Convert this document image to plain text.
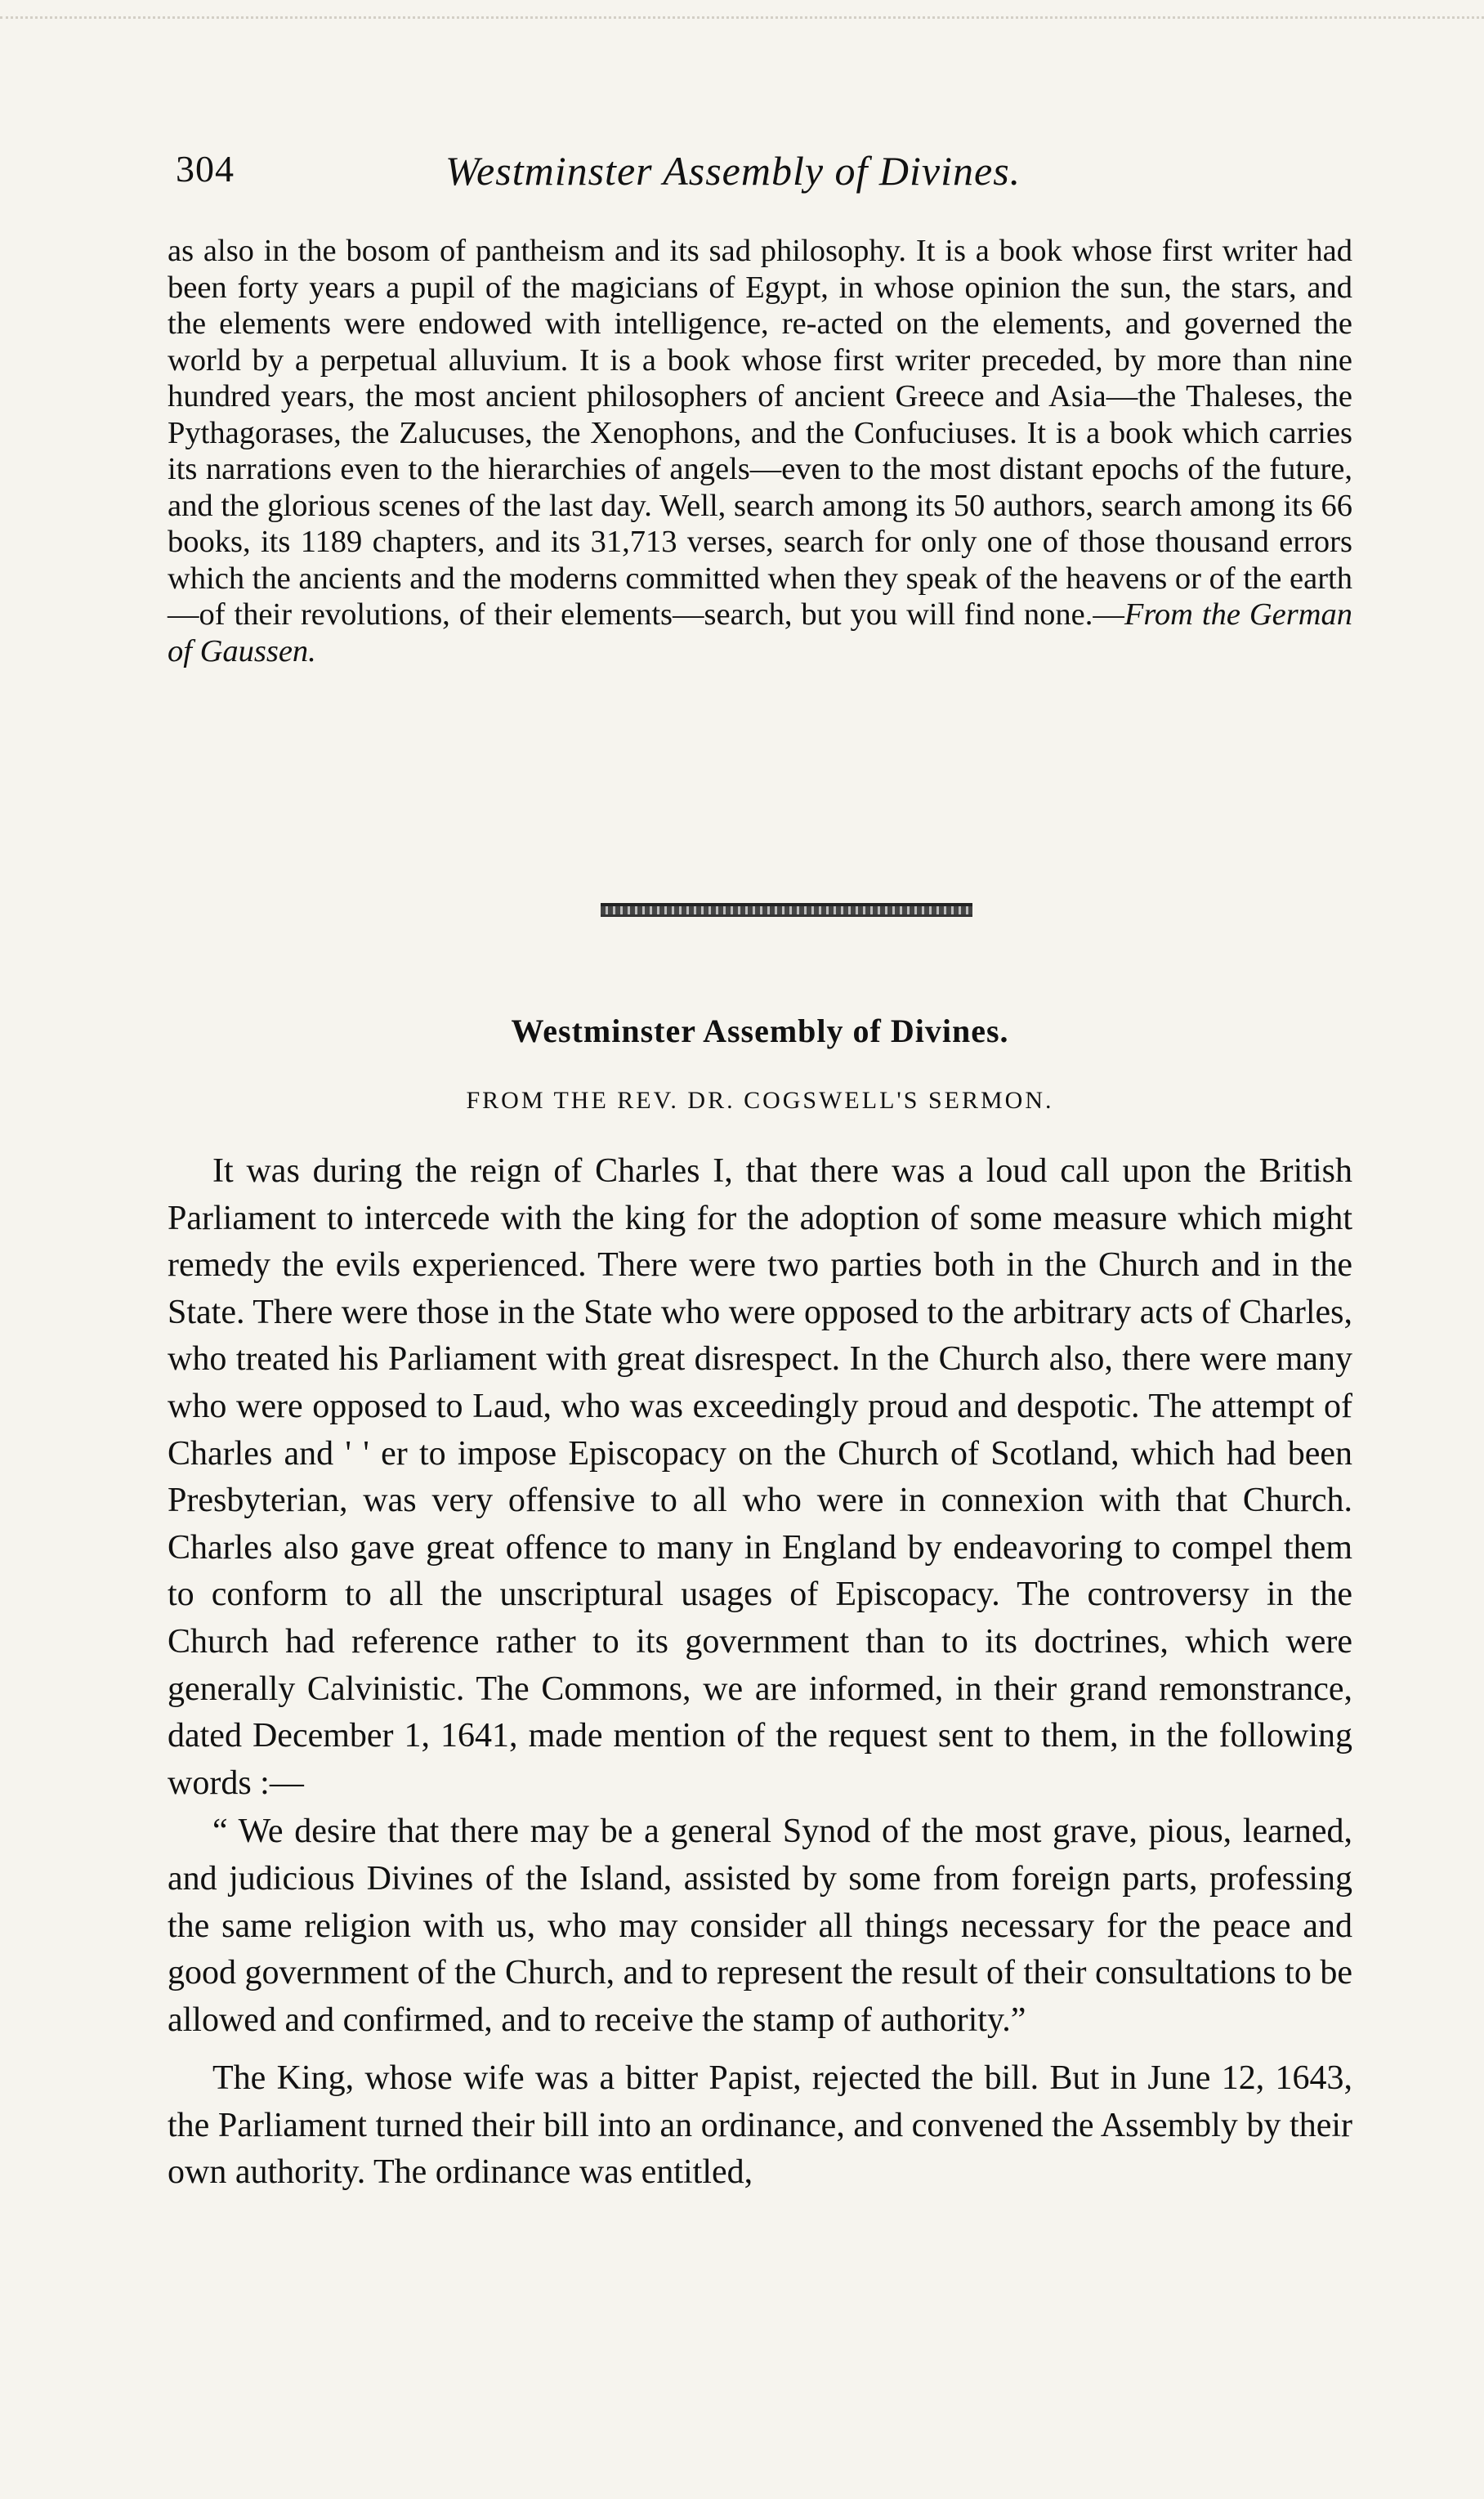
304	Westminster Assembly of Divines.
as also in the bosom of pantheism and its sad philosophy. It is a book whose first writer had been forty years a pupil of the magicians of Egypt, in whose opinion the sun, the stars, and the elements were endowed with intelligence, re-acted on the elements, and governed the world by a perpetual alluvium. It is a book whose first writer preceded, by more than nine hundred years, the most ancient philosophers of ancient Greece and Asia—the Thaleses, the Pythagorases, the Zalucuses, the Xenophons, and the Confuciuses. It is a book which carries its narrations even to the hierarchies of angels—even to the most distant epochs of the future, and the glorious scenes of the last day. Well, search among its 50 authors, search among its 66 books, its 1189 chapters, and its 31,713 verses, search for only one of those thousand errors which the ancients and the moderns committed when they speak of the heavens or of the earth—of their revolutions, of their elements—search, but you will find none.—From the German of Gaussen.
Westminster Assembly of Divines.
FROM THE REV. DR. COGSWELL'S SERMON.

It was during the reign of Charles I, that there was a loud call upon the British Parliament to intercede with the king for the adoption of some measure which might remedy the evils experienced. There were two parties both in the Church and in the State. There were those in the State who were opposed to the arbitrary acts of Charles, who treated his Parliament with great disrespect. In the Church also, there were many who were opposed to Laud, who was exceedingly proud and despotic. The attempt of Charles and ' ' er to impose Episcopacy on the Church of Scotland, which had been Presbyterian, was very offensive to all who were in connexion with that Church. Charles also gave great offence to many in England by endeavoring to compel them to conform to all the unscriptural usages of Episcopacy. The controversy in the Church had reference rather to its government than to its doctrines, which were generally Calvinistic. The Commons, we are informed, in their grand remonstrance, dated December 1, 1641, made mention of the request sent to them, in the following words :—

“ We desire that there may be a general Synod of the most grave, pious, learned, and judicious Divines of the Island, assisted by some from foreign parts, professing the same religion with us, who may consider all things necessary for the peace and good government of the Church, and to represent the result of their consultations to be allowed and confirmed, and to receive the stamp of authority.”

The King, whose wife was a bitter Papist, rejected the bill. But in June 12, 1643, the Parliament turned their bill into an ordinance, and convened the Assembly by their own authority. The ordinance was entitled,
